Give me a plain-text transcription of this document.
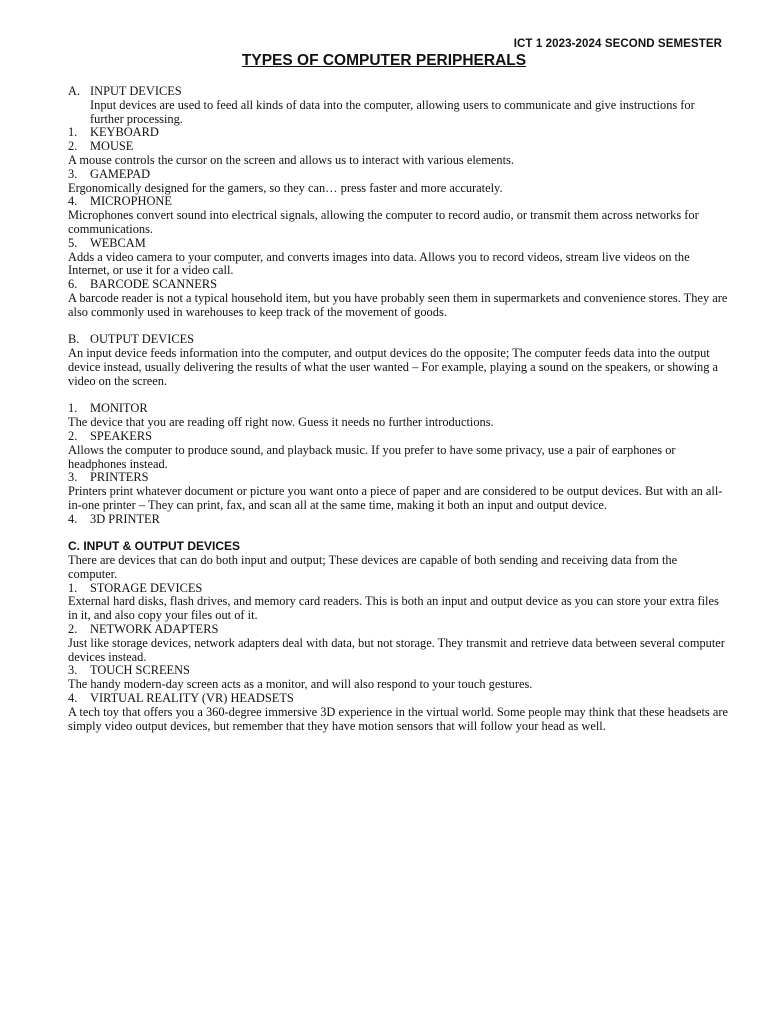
ICT 1 2023-2024 SECOND SEMESTER
TYPES OF COMPUTER PERIPHERALS
A. INPUT DEVICES

Input devices are used to feed all kinds of data into the computer, allowing users to communicate and give instructions for further processing.

1.	KEYBOARD
2.	MOUSE

A mouse controls the cursor on the screen and allows us to interact with various elements.

3.	GAMEPAD

Ergonomically designed for the gamers, so they can… press faster and more accurately.

4.	MICROPHONE

Microphones convert sound into electrical signals, allowing the computer to record audio, or transmit them across networks for communications.

5.	WEBCAM

Adds a video camera to your computer, and converts images into data. Allows you to record videos, stream live videos on the Internet, or use it for a video call.

6.	BARCODE SCANNERS

A barcode reader is not a typical household item, but you have probably seen them in supermarkets and convenience stores. They are also commonly used in warehouses to keep track of the movement of goods.

B. OUTPUT DEVICES

An input device feeds information into the computer, and output devices do the opposite; The computer feeds data into the output device instead, usually delivering the results of what the user wanted – For example, playing a sound on the speakers, or showing a video on the screen.

1.	MONITOR

The device that you are reading off right now. Guess it needs no further introductions.

2.	SPEAKERS

Allows the computer to produce sound, and playback music. If you prefer to have some privacy, use a pair of earphones or headphones instead.

3.	PRINTERS

Printers print whatever document or picture you want onto a piece of paper and are considered to be output devices. But with an all-in-one printer – They can print, fax, and scan all at the same time, making it both an input and output device.

4.	3D PRINTER

C. INPUT & OUTPUT DEVICES

There are devices that can do both input and output; These devices are capable of both sending and receiving data from the computer.

1.	STORAGE DEVICES

External hard disks, flash drives, and memory card readers. This is both an input and output device as you can store your extra files in it, and also copy your files out of it.

2.	NETWORK ADAPTERS

Just like storage devices, network adapters deal with data, but not storage. They transmit and retrieve data between several computer devices instead.

3.	TOUCH SCREENS

The handy modern-day screen acts as a monitor, and will also respond to your touch gestures.

4.	VIRTUAL REALITY (VR) HEADSETS

A tech toy that offers you a 360-degree immersive 3D experience in the virtual world. Some people may think that these headsets are simply video output devices, but remember that they have motion sensors that will follow your head as well.
